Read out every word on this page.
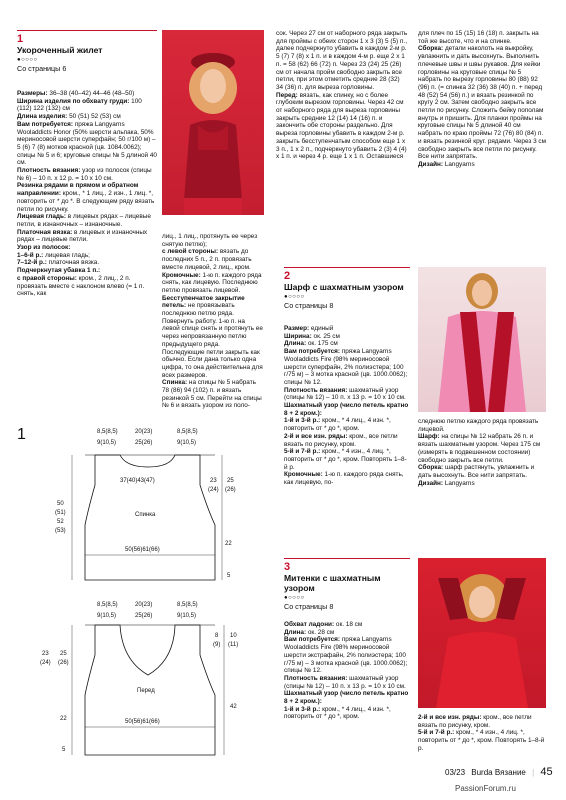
1
Укороченный жилет
●○○○○
Со страницы 6
Размеры: 36–38 (40–42) 44–46 (48–50)
Ширина изделия по обхвату груди: 100 (112) 122 (132) см
Длина изделия: 50 (51) 52 (53) см
Вам потребуется: пряжа Langyarns Wooladdicts Honor (50% шерсти альпака, 50% мериносовой шерсти суперфайн; 50 г/100 м) – 5 (6) 7 (8) мотков красной (цв. 1084.0062); спицы № 5 и 6; круговые спицы № 5 длиной 40 см.
Плотность вязания: узор из полосок (спицы № 6) – 10 п. x 12 р. = 10 x 10 см.
Резинка рядами в прямом и обратном направлении: кром., * 1 лиц., 2 изн., 1 лиц. *, повторить от * до *. В следующем ряду вязать петли по рисунку.
Лицевая гладь: в лицевых рядах – лицевые петли, в изнаночных – изнаночные.
Платочная вязка: в лицевых и изнаночных рядах – лицевые петли.
Узор из полосок:
1–6-й р.: лицевая гладь;
7–12-й р.: платочная вязка.
Подчеркнутая убавка 1 п.:
с правой стороны: кром., 2 лиц., 2 п. провязать вместе с наклоном влево (= 1 п. снять, как
лиц., 1 лиц., протянуть ее через снятую петлю);
с левой стороны: вязать до последних 5 п., 2 п. провязать вместе лицевой, 2 лиц., кром.
Кромочные: 1-ю п. каждого ряда снять, как лицевую. Последнюю петлю провязать лицевой.
Бесступенчатое закрытие петель: не провязывать последнюю петлю ряда. Повернуть работу. 1-ю п. на левой спице снять и протянуть ее через непровязанную петлю предыдущего ряда. Последующие петли закрыть как обычно. Если дана только одна цифра, то она действительна для всех размеров.
Спинка: на спицы № 5 набрать 78 (86) 94 (102) п. и вязать резинкой 5 см. Перейти на спицы № 6 и вязать узором из поло-
сок. Через 27 см от наборного ряда закрыть для проймы с обеих сторон 1 x 3 (3) 5 (5) п., далее подчеркнуто убавить в каждом 2-м р. 5 (7) 7 (8) x 1 п. и в каждом 4-м р. еще 2 x 1 п. = 58 (62) 66 (72) п. Через 23 (24) 25 (26) см от начала пройм свободно закрыть все петли, при этом отметить средние 28 (32) 34 (36) п. для выреза горловины.
Перед: вязать, как спинку, но с более глубоким вырезом горловины. Через 42 см от наборного ряда для выреза горловины закрыть средние 12 (14) 14 (16) п. и закончить обе стороны раздельно. Для выреза горловины убавить в каждом 2-м р. закрыть бесступенчатым способом еще 1 x 3 п., 1 x 2 п., подчеркнуто убавить 2 (3) 4 (4) x 1 п. и через 4 р. еще 1 x 1 п. Оставшиеся
для плеч по 15 (15) 16 (18) п. закрыть на той же высоте, что и на спинке.
Сборка: детали наколоть на выкройку, увлажнить и дать высохнуть. Выполнить плечевые швы и швы рукавов. Для кейки горловины на круговые спицы № 5 набрать по вырезу горловины 80 (88) 92 (96) п. (= спинка 32 (36) 38 (40) п. + перед 48 (52) 54 (56) п.) и вязать резинкой по кругу 2 см. Затем свободно закрыть все петли по рисунку. Сложить бейку пополам внутрь и пришить. Для планки проймы на круговые спицы № 5 длиной 40 см набрать по краю проймы 72 (76) 80 (84) п. и вязать резинкой круг. рядами. Через 3 см свободно закрыть все петли по рисунку. Все нити запрятать.
Дизайн: Langyarns
1	8,5(8,5)	20(23)	8,5(8,5)
9(10,5)	25(26)	9(10,5)
37(40)43(47)
Спинка
50(56)61(66)
50
(51)
52
(53)
23
(24)
25
(26)
22
5
8,5(8,5)	20(23)	8,5(8,5)
9(10,5)	25(26)	9(10,5)
Перед
50(56)61(66)
23
(24)
25
(26)
22
5
8
(9)
10
(11)
42
2
Шарф с шахматным узором
●○○○○
Со страницы 8
Размер: единый
Ширина: ок. 25 см
Длина: ок. 175 см
Вам потребуется: пряжа Langyarns Wooladdicts Fire (98% мериносовой шерсти суперфайн, 2% полиэстера; 100 г/75 м) – 3 мотка красной (цв. 1000.0062); спицы № 12.
Плотность вязания: шахматный узор (спицы № 12) – 10 п. x 13 р. = 10 x 10 см.
Шахматный узор (число петель кратно 8 + 2 кром.):
1-й и 3-й р.: кром., * 4 лиц., 4 изн. *, повторить от * до *, кром.
2-й и все изн. ряды: кром., все петли вязать по рисунку, кром.
5-й и 7-й р.: кром., * 4 изн., 4 лиц. *, повторить от * до *, кром. Повторять 1–8-й р.
Кромочные: 1-ю п. каждого ряда снять, как лицевую, по-
следнюю петлю каждого ряда провязать лицевой.
Шарф: на спицы № 12 набрать 26 п. и вязать шахматным узором. Через 175 см (измерять в подвешенном состоянии) свободно закрыть все петли.
Сборка: шарф растянуть, увлажнить и дать высохнуть. Все нити запрятать.
Дизайн: Langyarns
3
Митенки с шахматным узором
●○○○○
Со страницы 8
Обхват ладони: ок. 18 см
Длина: ок. 28 см
Вам потребуется: пряжа Langyarns Wooladdicts Fire (98% мериносовой шерсти экстрафайн, 2% полиэстера; 100 г/75 м) – 3 мотка красной (цв. 1000.0062); спицы № 12.
Плотность вязания: шахматный узор (спицы № 12) – 10 п. x 13 р. = 10 x 10 см.
Шахматный узор (число петель кратно 8 + 2 кром.):
1-й и 3-й р.: кром., * 4 лиц., 4 изн. *, повторить от * до *, кром.	2-й и все изн. ряды: кром., все петли вязать по рисунку, кром.
5-й и 7-й р.: кром., * 4 изн., 4 лиц. *, повторить от * до *, кром. Повторять 1–8-й р.
03/23 Burda Вязание | 45
PassionForum.ru
